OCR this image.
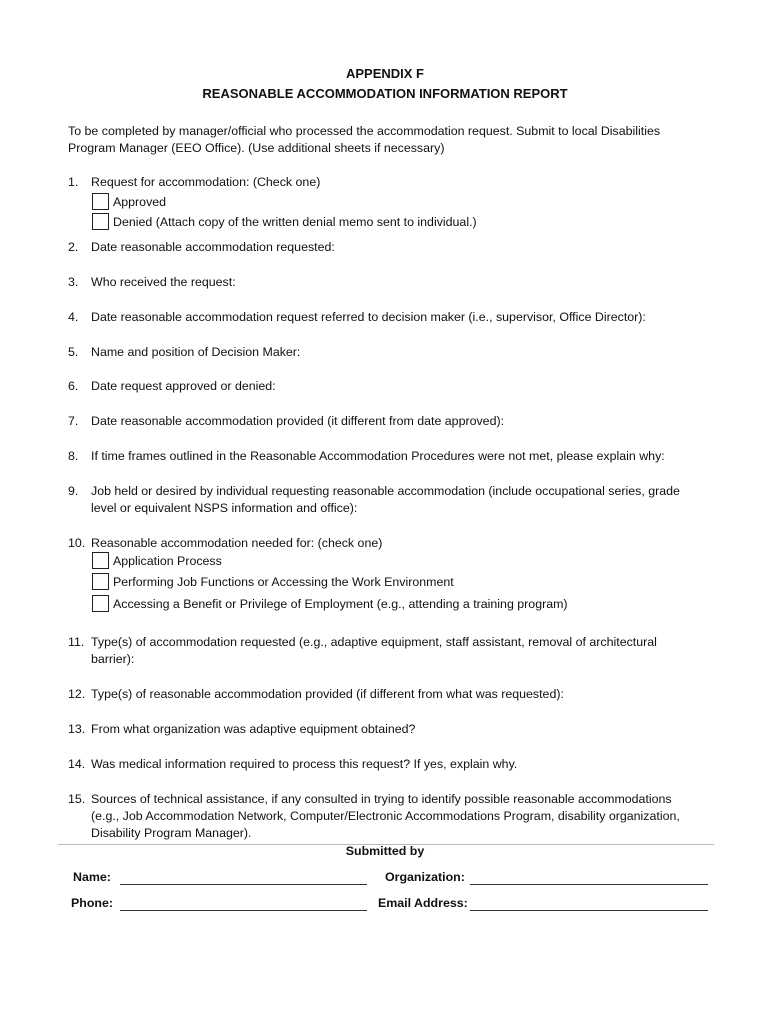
APPENDIX F
REASONABLE ACCOMMODATION INFORMATION REPORT
To be completed by manager/official who processed the accommodation request. Submit to local Disabilities
Program Manager (EEO Office). (Use additional sheets if necessary)
1.	Request for accommodation: (Check one)
Approved
Denied (Attach copy of the written denial memo sent to individual.)
2.	Date reasonable accommodation requested:
3.	Who received the request:
4.	Date reasonable accommodation request referred to decision maker (i.e., supervisor, Office Director):
5.	Name and position of Decision Maker:
6.	Date request approved or denied:
7.	Date reasonable accommodation provided (it different from date approved):
8.	If time frames outlined in the Reasonable Accommodation Procedures were not met, please explain why:
9.	Job held or desired by individual requesting reasonable accommodation (include occupational series, grade
level or equivalent NSPS information and office):
10. Reasonable accommodation needed for: (check one)
Application Process
Performing Job Functions or Accessing the Work Environment
Accessing a Benefit or Privilege of Employment (e.g., attending a training program)
11. Type(s) of accommodation requested (e.g., adaptive equipment, staff assistant, removal of architectural
barrier):
12. Type(s) of reasonable accommodation provided (if different from what was requested):
13. From what organization was adaptive equipment obtained?
14. Was medical information required to process this request? If yes, explain why.
15. Sources of technical assistance, if any consulted in trying to identify possible reasonable accommodations
(e.g., Job Accommodation Network, Computer/Electronic Accommodations Program, disability organization,
Disability Program Manager).
Submitted by
Name:	Organization:
Phone:	Email Address:
